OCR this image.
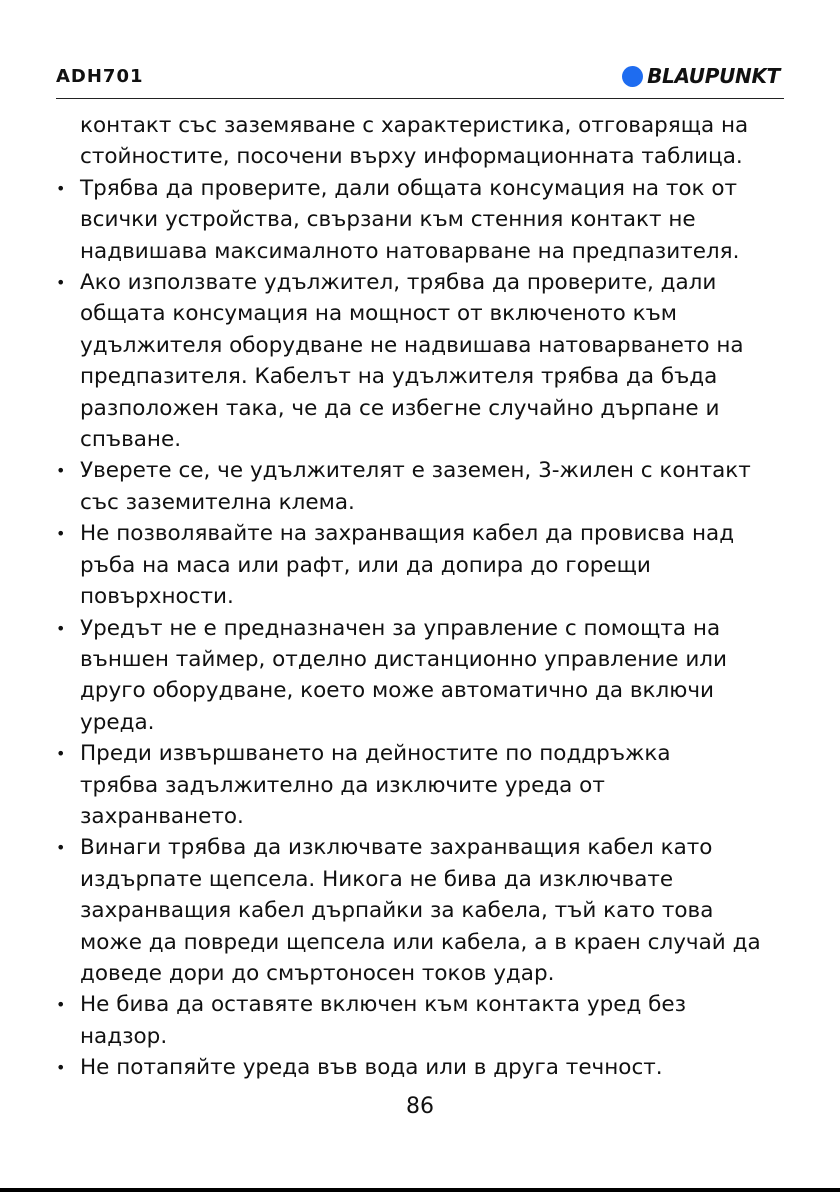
ADH701	BLAUPUNKT

контакт със заземяване с характеристика, отговаряща на
стойностите, посочени върху информационната таблица.

• Трябва да проверите, дали общата консумация на ток от
всички устройства, свързани към стенния контакт не
надвишава максималното натоварване на предпазителя.

• Ако използвате удължител, трябва да проверите, дали
общата консумация на мощност от включеното към
удължителя оборудване не надвишава натоварването на
предпазителя. Кабелът на удължителя трябва да бъда
разположен така, че да се избегне случайно дърпане и
спъване.

• Уверете се, че удължителят е заземен, 3-жилен с контакт
със заземителна клема.

• Не позволявайте на захранващия кабел да провисва над
ръба на маса или рафт, или да допира до горещи
повърхности.

• Уредът не е предназначен за управление с помощта на
външен таймер, отделно дистанционно управление или
друго оборудване, което може автоматично да включи
уреда.

• Преди извършването на дейностите по поддръжка
трябва задължително да изключите уреда от
захранването.

• Винаги трябва да изключвате захранващия кабел като
издърпате щепсела. Никога не бива да изключвате
захранващия кабел дърпайки за кабела, тъй като това
може да повреди щепсела или кабела, а в краен случай да
доведе дори до смъртоносен токов удар.

• Не бива да оставяте включен към контакта уред без
надзор.

• Не потапяйте уреда във вода или в друга течност.

86
